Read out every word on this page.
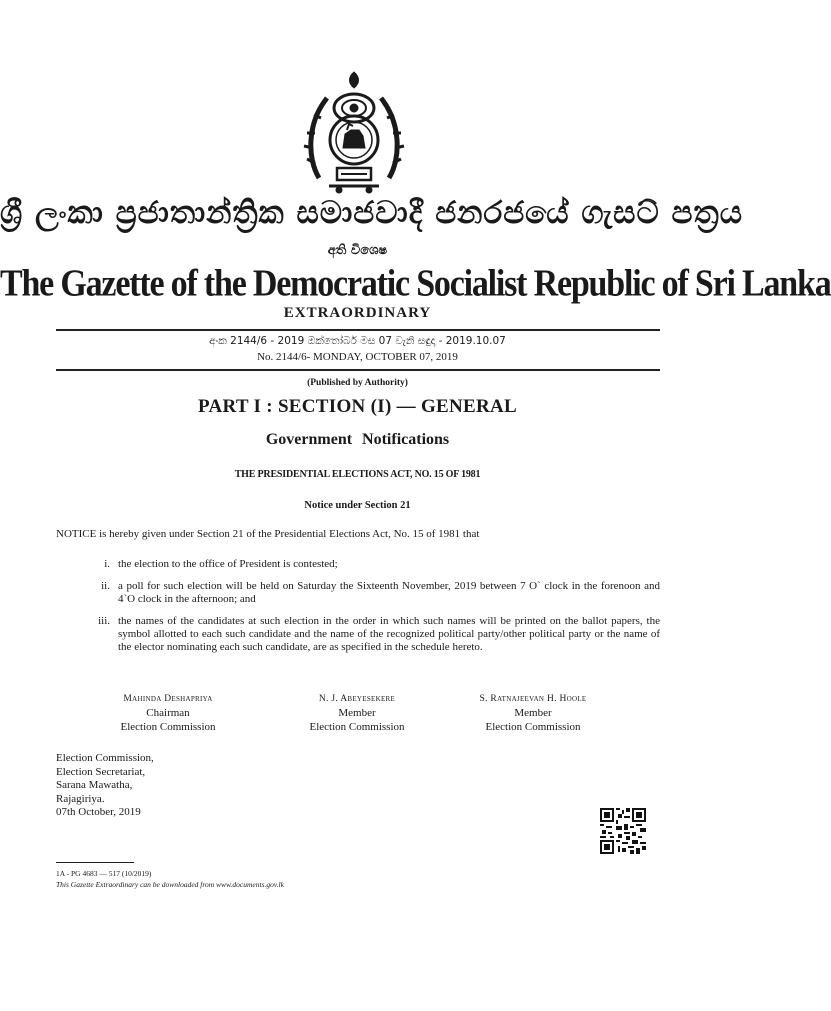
ශ්‍රී ලංකා ප්‍රජාතාන්ත්‍රික සමාජවාදී ජනරජයේ ගැසට් පත්‍රය
අති විශෙෂ
The Gazette of the Democratic Socialist Republic of Sri Lanka
EXTRAORDINARY
අංක 2144/6 - 2019 ඔක්තෝබර් මස 07 වැනි සඳුදා - 2019.10.07
No. 2144/6- MONDAY, OCTOBER 07, 2019
(Published by Authority)
PART I : SECTION (I) — GENERAL
Government Notifications
THE PRESIDENTIAL ELECTIONS ACT, NO. 15 OF 1981
Notice under Section 21
NOTICE is hereby given under Section 21 of the Presidential Elections Act, No. 15 of 1981 that
i. the election to the office of President is contested;
ii. a poll for such election will be held on Saturday the Sixteenth November, 2019 between 7 O` clock in the forenoon and 4`O clock in the afternoon; and
iii. the names of the candidates at such election in the order in which such names will be printed on the ballot papers, the symbol allotted to each such candidate and the name of the recognized political party/other political party or the name of the elector nominating each such candidate, are as specified in the schedule hereto.
Mahinda Deshapriya
Chairman
Election Commission
N. J. Abeyesekere
Member
Election Commission
S. Ratnajeevan H. Hoole
Member
Election Commission
Election Commission,
Election Secretariat,
Sarana Mawatha,
Rajagiriya.
07th October, 2019
1A - PG 4683 — 517 (10/2019)
This Gazette Extraordinary can be downloaded from www.documents.gov.lk
